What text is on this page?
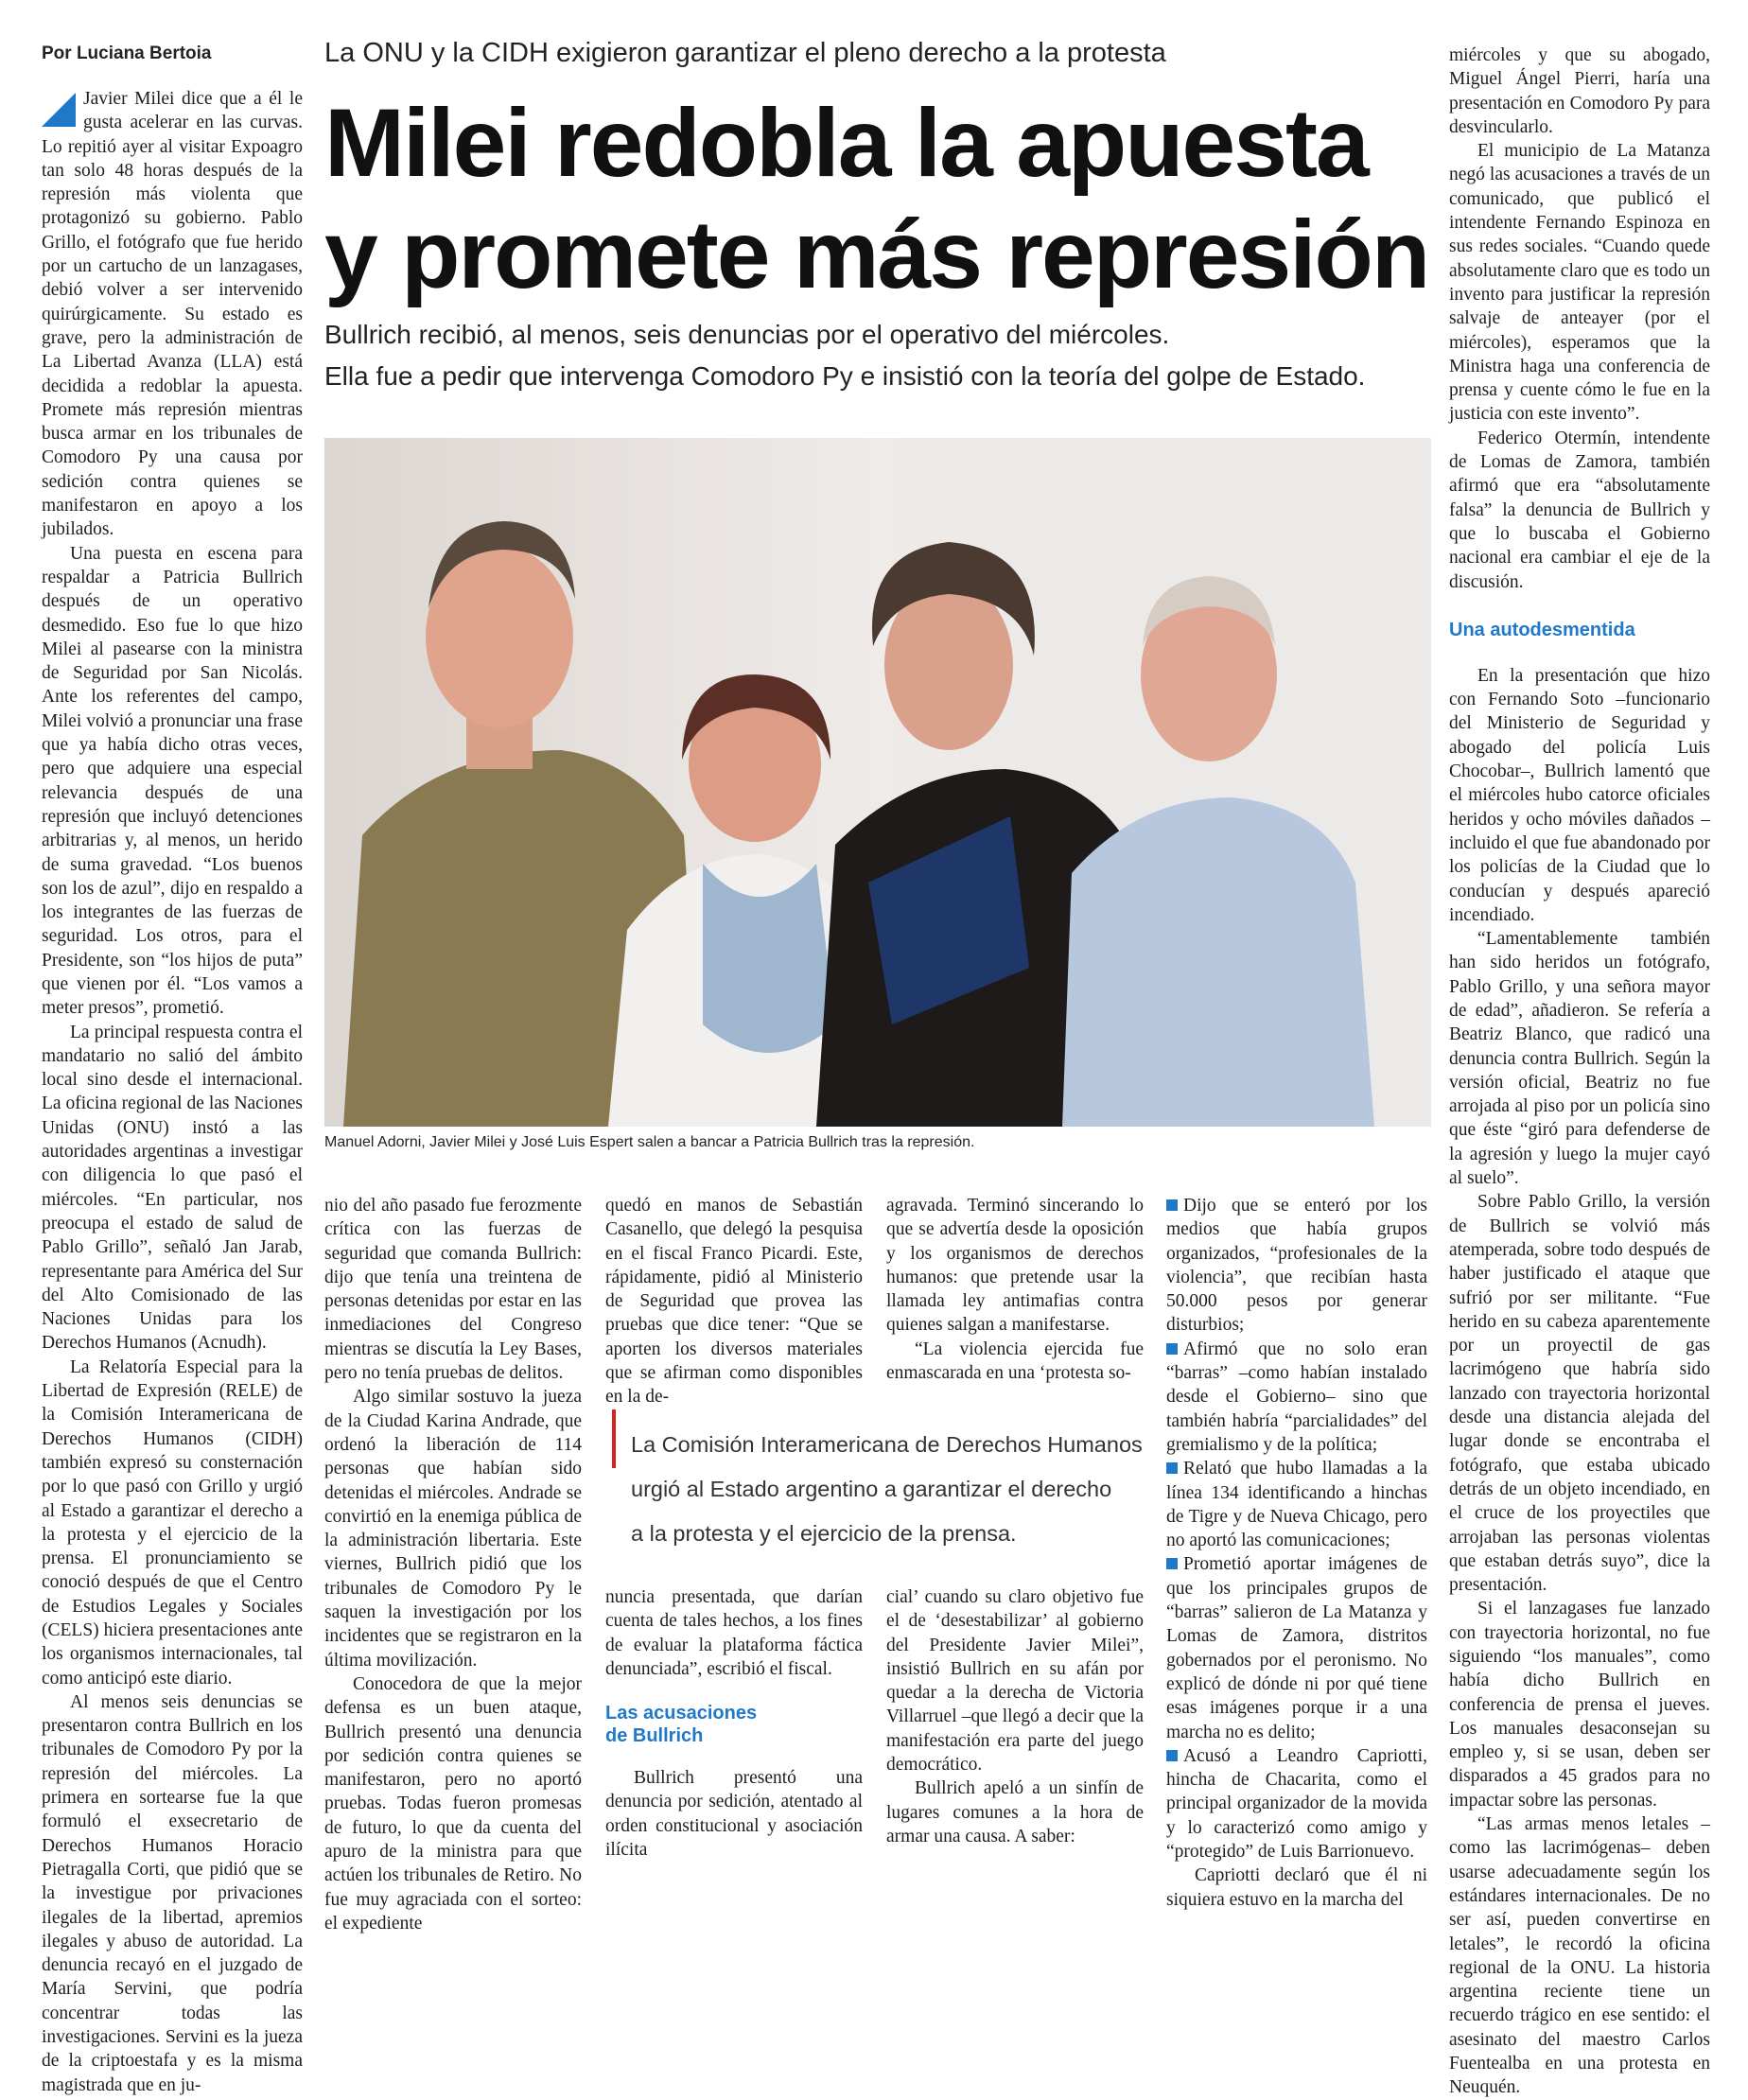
Por Luciana Bertoia	La ONU y la CIDH exigieron garantizar el pleno derecho a la protesta
Milei redobla la apuesta
y promete más represión
Bullrich recibió, al menos, seis denuncias por el operativo del miércoles.
Ella fue a pedir que intervenga Comodoro Py e insistió con la teoría del golpe de Estado.
Manuel Adorni, Javier Milei y José Luis Espert salen a bancar a Patricia Bullrich tras la represión.

Javier Milei dice que a él le gusta acelerar en las curvas. Lo repitió ayer al visitar Expoagro tan solo 48 horas después de la represión más violenta que protagonizó su gobierno. Pablo Grillo, el fotógrafo que fue herido por un cartucho de un lanzagases, debió volver a ser intervenido quirúrgicamente. Su estado es grave, pero la administración de La Libertad Avanza (LLA) está decidida a redoblar la apuesta. Promete más represión mientras busca armar en los tribunales de Comodoro Py una causa por sedición contra quienes se manifestaron en apoyo a los jubilados.

Una puesta en escena para respaldar a Patricia Bullrich después de un operativo desmedido. Eso fue lo que hizo Milei al pasearse con la ministra de Seguridad por San Nicolás. Ante los referentes del campo, Milei volvió a pronunciar una frase que ya había dicho otras veces, pero que adquiere una especial relevancia después de una represión que incluyó detenciones arbitrarias y, al menos, un herido de suma gravedad. “Los buenos son los de azul”, dijo en respaldo a los integrantes de las fuerzas de seguridad. Los otros, para el Presidente, son “los hijos de puta” que vienen por él. “Los vamos a meter presos”, prometió.

La principal respuesta contra el mandatario no salió del ámbito local sino desde el internacional. La oficina regional de las Naciones Unidas (ONU) instó a las autoridades argentinas a investigar con diligencia lo que pasó el miércoles. “En particular, nos preocupa el estado de salud de Pablo Grillo”, señaló Jan Jarab, representante para América del Sur del Alto Comisionado de las Naciones Unidas para los Derechos Humanos (Acnudh).

La Relatoría Especial para la Libertad de Expresión (RELE) de la Comisión Interamericana de Derechos Humanos (CIDH) también expresó su consternación por lo que pasó con Grillo y urgió al Estado a garantizar el derecho a la protesta y el ejercicio de la prensa. El pronunciamiento se conoció después de que el Centro de Estudios Legales y Sociales (CELS) hiciera presentaciones ante los organismos internacionales, tal como anticipó este diario.

Al menos seis denuncias se presentaron contra Bullrich en los tribunales de Comodoro Py por la represión del miércoles. La primera en sortearse fue la que formuló el exsecretario de Derechos Humanos Horacio Pietragalla Corti, que pidió que se la investigue por privaciones ilegales de la libertad, apremios ilegales y abuso de autoridad. La denuncia recayó en el juzgado de María Servini, que podría concentrar todas las investigaciones. Servini es la jueza de la criptoestafa y es la misma magistrada que en ju-

nio del año pasado fue ferozmente crítica con las fuerzas de seguridad que comanda Bullrich: dijo que tenía una treintena de personas detenidas por estar en las inmediaciones del Congreso mientras se discutía la Ley Bases, pero no tenía pruebas de delitos.

Algo similar sostuvo la jueza de la Ciudad Karina Andrade, que ordenó la liberación de 114 personas que habían sido detenidas el miércoles. Andrade se convirtió en la enemiga pública de la administración libertaria. Este viernes, Bullrich pidió que los tribunales de Comodoro Py le saquen la investigación por los incidentes que se registraron en la última movilización.

Conocedora de que la mejor defensa es un buen ataque, Bullrich presentó una denuncia por sedición contra quienes se manifestaron, pero no aportó pruebas. Todas fueron promesas de futuro, lo que da cuenta del apuro de la ministra para que actúen los tribunales de Retiro. No fue muy agraciada con el sorteo: el expediente

quedó en manos de Sebastián Casanello, que delegó la pesquisa en el fiscal Franco Picardi. Este, rápidamente, pidió al Ministerio de Seguridad que provea las pruebas que dice tener: “Que se aporten los diversos materiales que se afirman como disponibles en la de-

nuncia presentada, que darían cuenta de tales hechos, a los fines de evaluar la plataforma fáctica denunciada”, escribió el fiscal.

Las acusaciones
de Bullrich

Bullrich presentó una denuncia por sedición, atentado al orden constitucional y asociación ilícita

agravada. Terminó sincerando lo que se advertía desde la oposición y los organismos de derechos humanos: que pretende usar la llamada ley antimafias contra quienes salgan a manifestarse.

“La violencia ejercida fue enmascarada en una ‘protesta so-

cial’ cuando su claro objetivo fue el de ‘desestabilizar’ al gobierno del Presidente Javier Milei”, insistió Bullrich en su afán por quedar a la derecha de Victoria Villarruel –que llegó a decir que la manifestación era parte del juego democrático.

Bullrich apeló a un sinfín de lugares comunes a la hora de armar una causa. A saber:

La Comisión Interamericana de Derechos Humanos
urgió al Estado argentino a garantizar el derecho
a la protesta y el ejercicio de la prensa.

Dijo que se enteró por los medios que había grupos organizados, “profesionales de la violencia”, que recibían hasta 50.000 pesos por generar disturbios;

Afirmó que no solo eran “barras” –como habían instalado desde el Gobierno– sino que también habría “parcialidades” del gremialismo y de la política;

Relató que hubo llamadas a la línea 134 identificando a hinchas de Tigre y de Nueva Chicago, pero no aportó las comunicaciones;

Prometió aportar imágenes de que los principales grupos de “barras” salieron de La Matanza y Lomas de Zamora, distritos gobernados por el peronismo. No explicó de dónde ni por qué tiene esas imágenes porque ir a una marcha no es delito;

Acusó a Leandro Capriotti, hincha de Chacarita, como el principal organizador de la movida y lo caracterizó como amigo y “protegido” de Luis Barrionuevo.

Capriotti declaró que él ni siquiera estuvo en la marcha del

miércoles y que su abogado, Miguel Ángel Pierri, haría una presentación en Comodoro Py para desvincularlo.

El municipio de La Matanza negó las acusaciones a través de un comunicado, que publicó el intendente Fernando Espinoza en sus redes sociales. “Cuando quede absolutamente claro que es todo un invento para justificar la represión salvaje de anteayer (por el miércoles), esperamos que la Ministra haga una conferencia de prensa y cuente cómo le fue en la justicia con este invento”.

Federico Otermín, intendente de Lomas de Zamora, también afirmó que era “absolutamente falsa” la denuncia de Bullrich y que lo buscaba el Gobierno nacional era cambiar el eje de la discusión.

Una autodesmentida

En la presentación que hizo con Fernando Soto –funcionario del Ministerio de Seguridad y abogado del policía Luis Chocobar–, Bullrich lamentó que el miércoles hubo catorce oficiales heridos y ocho móviles dañados –incluido el que fue abandonado por los policías de la Ciudad que lo conducían y después apareció incendiado.

“Lamentablemente también han sido heridos un fotógrafo, Pablo Grillo, y una señora mayor de edad”, añadieron. Se refería a Beatriz Blanco, que radicó una denuncia contra Bullrich. Según la versión oficial, Beatriz no fue arrojada al piso por un policía sino que éste “giró para defenderse de la agresión y luego la mujer cayó al suelo”.

Sobre Pablo Grillo, la versión de Bullrich se volvió más atemperada, sobre todo después de haber justificado el ataque que sufrió por ser militante. “Fue herido en su cabeza aparentemente por un proyectil de gas lacrimógeno que habría sido lanzado con trayectoria horizontal desde una distancia alejada del lugar donde se encontraba el fotógrafo, que estaba ubicado detrás de un objeto incendiado, en el cruce de los proyectiles que arrojaban las personas violentas que estaban detrás suyo”, dice la presentación.

Si el lanzagases fue lanzado con trayectoria horizontal, no fue siguiendo “los manuales”, como había dicho Bullrich en conferencia de prensa el jueves. Los manuales desaconsejan su empleo y, si se usan, deben ser disparados a 45 grados para no impactar sobre las personas.

“Las armas menos letales –como las lacrimógenas– deben usarse adecuadamente según los estándares internacionales. De no ser así, pueden convertirse en letales”, le recordó la oficina regional de la ONU. La historia argentina reciente tiene un recuerdo trágico en ese sentido: el asesinato del maestro Carlos Fuentealba en una protesta en Neuquén.
